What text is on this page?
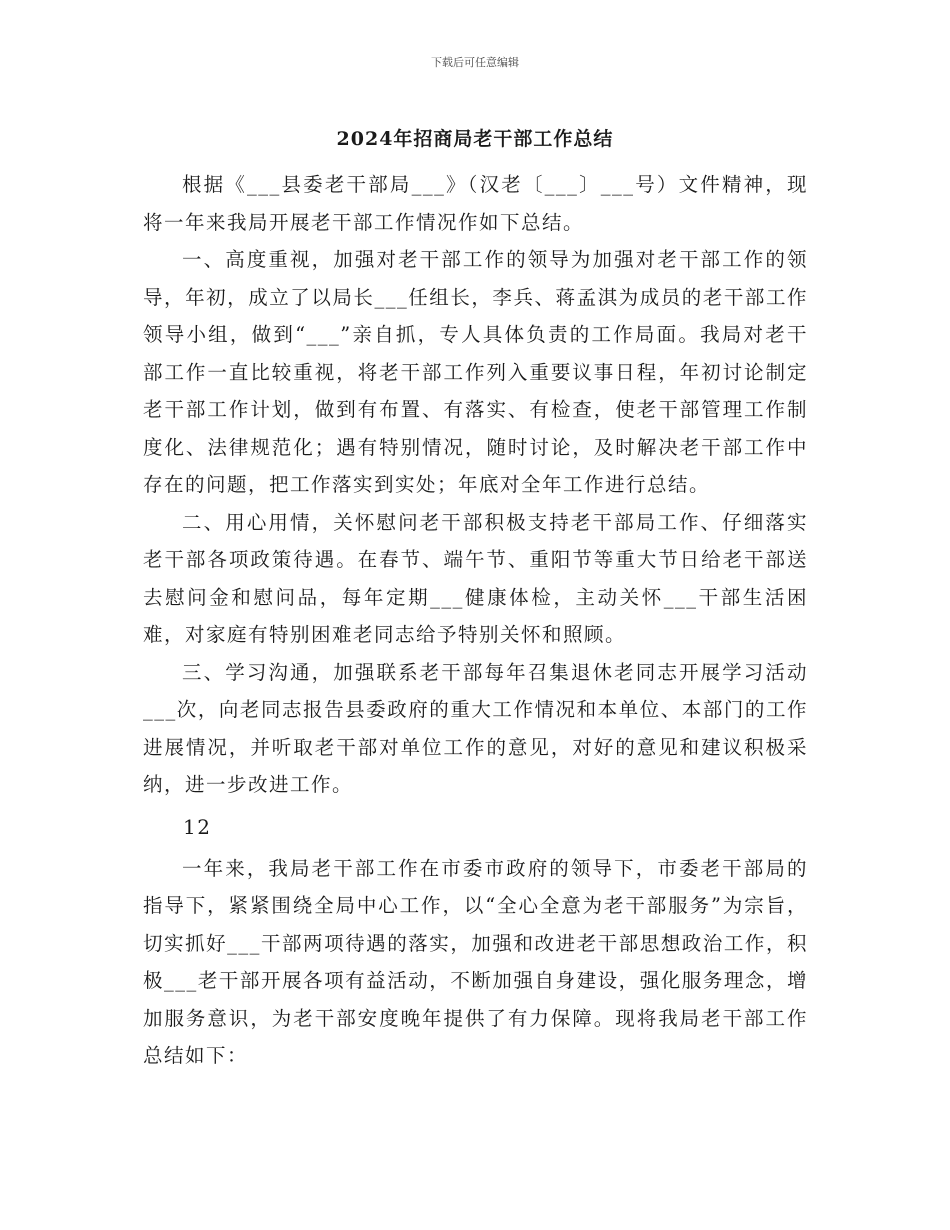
下载后可任意编辑
2024年招商局老干部工作总结

根据《___县委老干部局___》（汉老〔___〕___号）文件精神，现将一年来我局开展老干部工作情况作如下总结。

一、高度重视，加强对老干部工作的领导为加强对老干部工作的领导，年初，成立了以局长___任组长，李兵、蒋孟淇为成员的老干部工作领导小组，做到“___”亲自抓，专人具体负责的工作局面。我局对老干部工作一直比较重视，将老干部工作列入重要议事日程，年初讨论制定老干部工作计划，做到有布置、有落实、有检查，使老干部管理工作制度化、法律规范化；遇有特别情况，随时讨论，及时解决老干部工作中存在的问题，把工作落实到实处；年底对全年工作进行总结。

二、用心用情，关怀慰问老干部积极支持老干部局工作、仔细落实老干部各项政策待遇。在春节、端午节、重阳节等重大节日给老干部送去慰问金和慰问品，每年定期___健康体检，主动关怀___干部生活困难，对家庭有特别困难老同志给予特别关怀和照顾。

三、学习沟通，加强联系老干部每年召集退休老同志开展学习活动___次，向老同志报告县委政府的重大工作情况和本单位、本部门的工作进展情况，并听取老干部对单位工作的意见，对好的意见和建议积极采纳，进一步改进工作。

12

一年来，我局老干部工作在市委市政府的领导下，市委老干部局的指导下，紧紧围绕全局中心工作，以“全心全意为老干部服务”为宗旨，切实抓好___干部两项待遇的落实，加强和改进老干部思想政治工作，积极___老干部开展各项有益活动，不断加强自身建设，强化服务理念，增加服务意识，为老干部安度晚年提供了有力保障。现将我局老干部工作总结如下：
